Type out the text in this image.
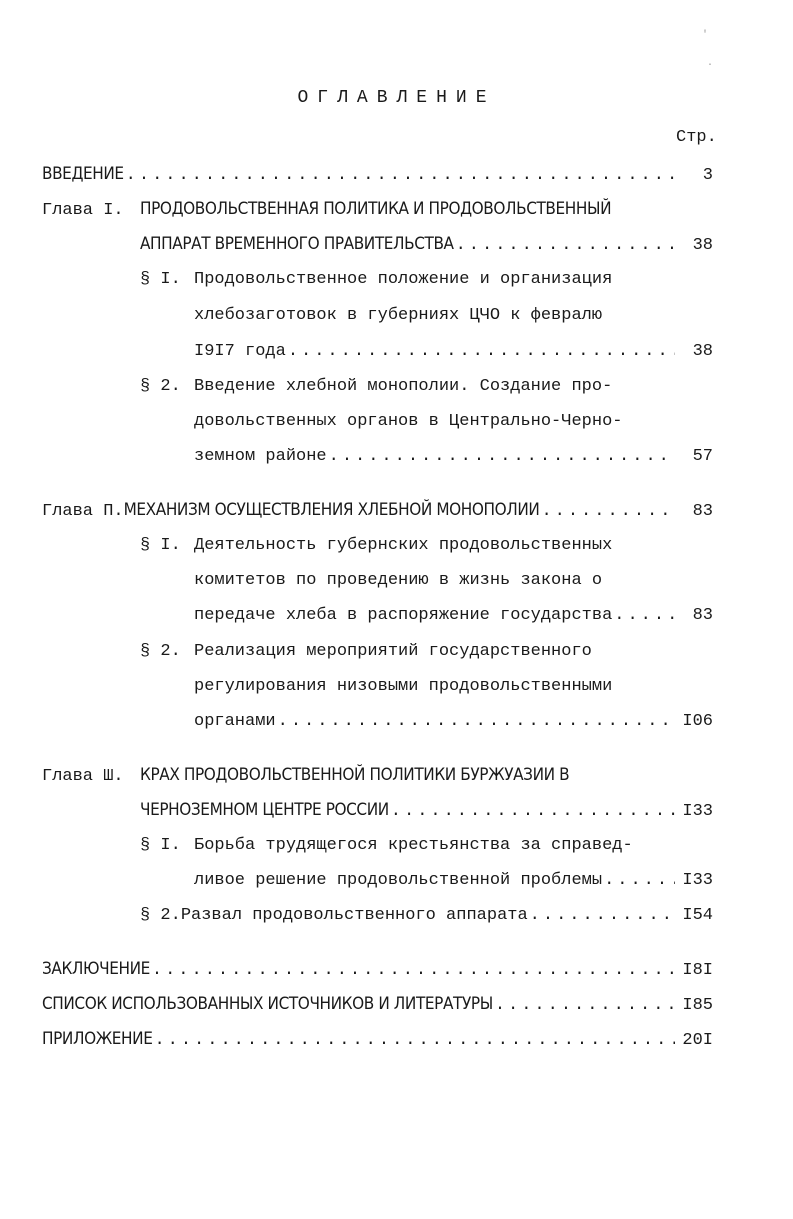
ОГЛАВЛЕНИЕ
Стр.
ВВЕДЕНИЕ .....	3
Глава I. ПРОДОВОЛЬСТВЕННАЯ ПОЛИТИКА И ПРОДОВОЛЬСТВЕННЫЙ
АППАРАТ ВРЕМЕННОГО ПРАВИТЕЛЬСТВА .....	38
§ I. Продовольственное положение и организация
хлебозаготовок в губерниях ЦЧО к февралю
I9I7 года .....	38
§ 2. Введение хлебной монополии. Создание про-
довольственных органов в Центрально-Черно-
земном районе .....	57
Глава П. МЕХАНИЗМ ОСУЩЕСТВЛЕНИЯ ХЛЕБНОЙ МОНОПОЛИИ .....	83
§ I. Деятельность губернских продовольственных
комитетов по проведению в жизнь закона о
передаче хлеба в распоряжение государства .....	83
§ 2. Реализация мероприятий государственного
регулирования низовыми продовольственными
органами .....	I06
Глава Ш. КРАХ ПРОДОВОЛЬСТВЕННОЙ ПОЛИТИКИ БУРЖУАЗИИ В
ЧЕРНОЗЕМНОМ ЦЕНТРЕ РОССИИ .....	I33
§ I. Борьба трудящегося крестьянства за справед-
ливое решение продовольственной проблемы .....	I33
§ 2. Развал продовольственного аппарата .....	I54
ЗАКЛЮЧЕНИЕ .....	I8I
СПИСОК ИСПОЛЬЗОВАННЫХ ИСТОЧНИКОВ И ЛИТЕРАТУРЫ .....	I85
ПРИЛОЖЕНИЕ .....	20I
'
·
